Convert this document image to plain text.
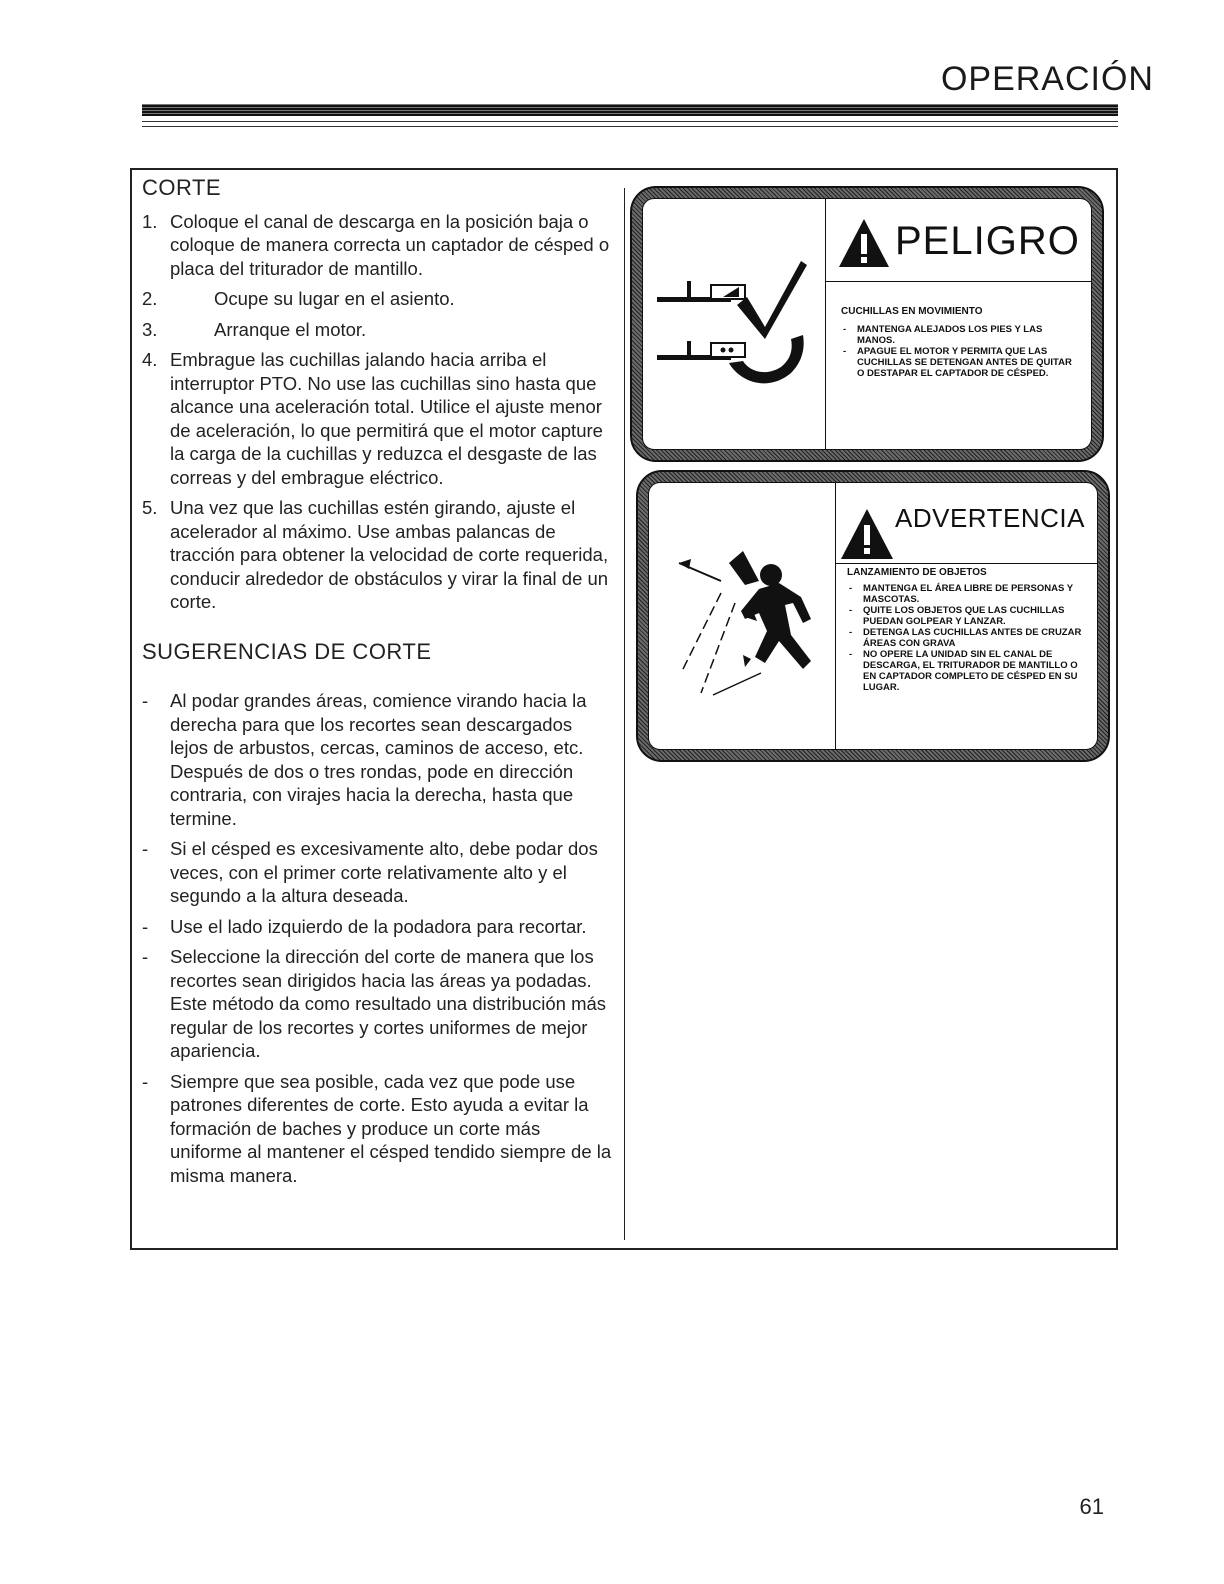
OPERACIÓN
CORTE
1. Coloque el canal de descarga en la posición baja o coloque de manera correcta un captador de césped o placa del triturador de mantillo.
2.	Ocupe su lugar en el asiento.
3.	Arranque el motor.
4. Embrague las cuchillas jalando hacia arriba el interruptor PTO. No use las cuchillas sino hasta que alcance una aceleración total. Utilice el ajuste menor de aceleración, lo que permitirá que el motor capture la carga de la cuchillas y reduzca el desgaste de las correas y del embrague eléctrico.
5. Una vez que las cuchillas estén girando, ajuste el acelerador al máximo. Use ambas palancas de tracción para obtener la velocidad de corte requerida, conducir alrededor de obstáculos y virar la final de un corte.
SUGERENCIAS DE CORTE
- Al podar grandes áreas, comience virando hacia la derecha para que los recortes sean descargados lejos de arbustos, cercas, caminos de acceso, etc. Después de dos o tres rondas, pode en dirección contraria, con virajes hacia la derecha, hasta que termine.
- Si el césped es excesivamente alto, debe podar dos veces, con el primer corte relativamente alto y el segundo a la altura deseada.
- Use el lado izquierdo de la podadora para recortar.
- Seleccione la dirección del corte de manera que los recortes sean dirigidos hacia las áreas ya podadas. Este método da como resultado una distribución más regular de los recortes y cortes uniformes de mejor apariencia.
- Siempre que sea posible, cada vez que pode use patrones diferentes de corte. Esto ayuda a evitar la formación de baches y produce un corte más uniforme al mantener el césped tendido siempre de la misma manera.
PELIGRO
CUCHILLAS EN MOVIMIENTO
- MANTENGA ALEJADOS LOS PIES Y LAS MANOS.
- APAGUE EL MOTOR Y PERMITA QUE LAS CUCHILLAS SE DETENGAN ANTES DE QUITAR O DESTAPAR EL CAPTADOR DE CÉSPED.
ADVERTENCIA
LANZAMIENTO DE OBJETOS
- MANTENGA EL ÁREA LIBRE DE PERSONAS Y MASCOTAS.
- QUITE LOS OBJETOS QUE LAS CUCHILLAS PUEDAN GOLPEAR Y LANZAR.
- DETENGA LAS CUCHILLAS ANTES DE CRUZAR ÁREAS CON GRAVA
- NO OPERE LA UNIDAD SIN EL CANAL DE DESCARGA, EL TRITURADOR DE MANTILLO O EN CAPTADOR COMPLETO DE CÉSPED EN SU LUGAR.
61
